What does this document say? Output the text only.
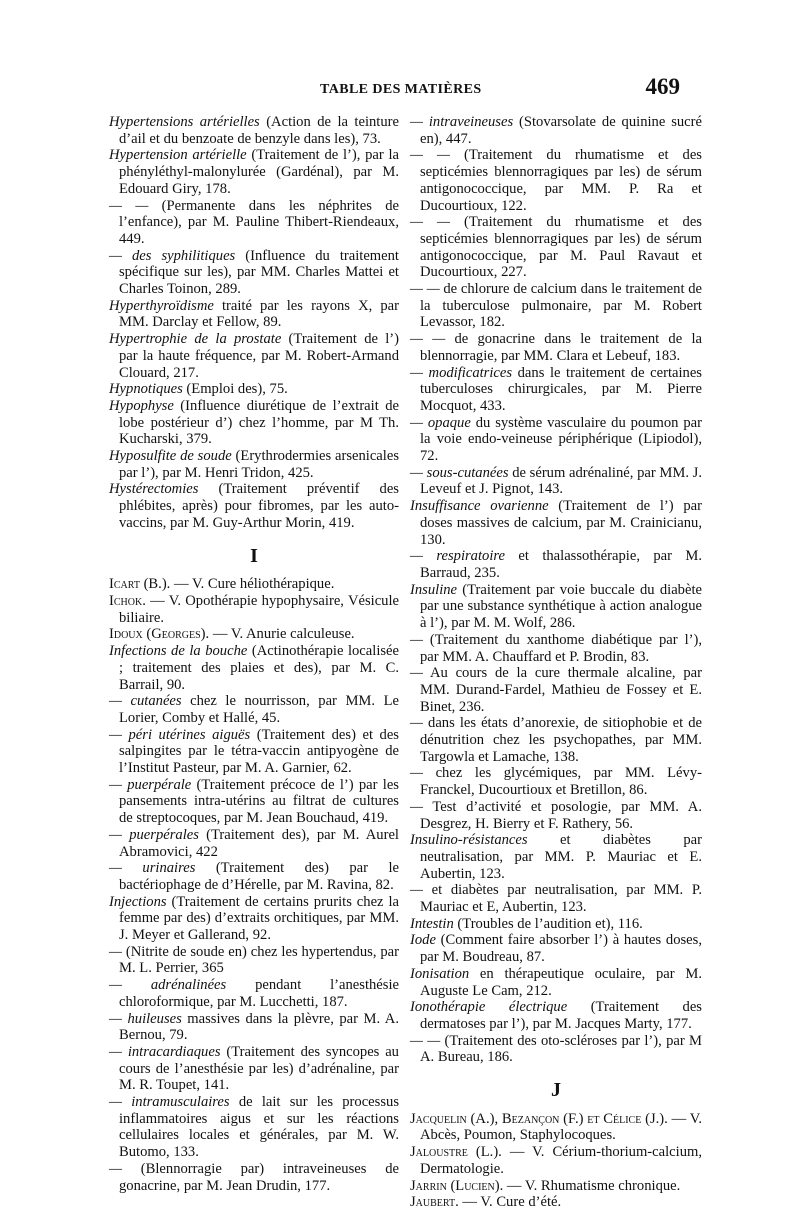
TABLE DES MATIÈRES	469
Hypertensions artérielles (Action de la teinture d’ail et du benzoate de benzyle dans les), 73.
Hypertension artérielle (Traitement de l’), par la phényléthyl-malonylurée (Gardénal), par M. Edouard Giry, 178.
— — (Permanente dans les néphrites de l’enfance), par M. Pauline Thibert-Riendeaux, 449.
— des syphilitiques (Influence du traitement spécifique sur les), par MM. Charles Mattei et Charles Toinon, 289.
Hyperthyroïdisme traité par les rayons X, par MM. Darclay et Fellow, 89.
Hypertrophie de la prostate (Traitement de l’) par la haute fréquence, par M. Robert-Armand Clouard, 217.
Hypnotiques (Emploi des), 75.
Hypophyse (Influence diurétique de l’extrait de lobe postérieur d’) chez l’homme, par M Th. Kucharski, 379.
Hyposulfite de soude (Erythrodermies arsenicales par l’), par M. Henri Tridon, 425.
Hystérectomies (Traitement préventif des phlébites, après) pour fibromes, par les auto-vaccins, par M. Guy-Arthur Morin, 419.
I
Icart (B.). — V. Cure héliothérapique.
Ichok. — V. Opothérapie hypophysaire, Vésicule biliaire.
Idoux (Georges). — V. Anurie calculeuse.
Infections de la bouche (Actinothérapie localisée ; traitement des plaies et des), par M. C. Barrail, 90.
— cutanées chez le nourrisson, par MM. Le Lorier, Comby et Hallé, 45.
— péri utérines aiguës (Traitement des) et des salpingites par le tétra-vaccin antipyogène de l’Institut Pasteur, par M. A. Garnier, 62.
— puerpérale (Traitement précoce de l’) par les pansements intra-utérins au filtrat de cultures de streptocoques, par M. Jean Bouchaud, 419.
— puerpérales (Traitement des), par M. Aurel Abramovici, 422
— urinaires (Traitement des) par le bactériophage de d’Hérelle, par M. Ravina, 82.
Injections (Traitement de certains prurits chez la femme par des) d’extraits orchitiques, par MM. J. Meyer et Gallerand, 92.
— (Nitrite de soude en) chez les hypertendus, par M. L. Perrier, 365
— adrénalinées pendant l’anesthésie chloroformique, par M. Lucchetti, 187.
— huileuses massives dans la plèvre, par M. A. Bernou, 79.
— intracardiaques (Traitement des syncopes au cours de l’anesthésie par les) d’adrénaline, par M. R. Toupet, 141.
— intramusculaires de lait sur les processus inflammatoires aigus et sur les réactions cellulaires locales et générales, par M. W. Butomo, 133.
— (Blennorragie par) intraveineuses de gonacrine, par M. Jean Drudin, 177.
— intraveineuses (Stovarsolate de quinine sucré en), 447.
— — (Traitement du rhumatisme et des septicémies blennorragiques par les) de sérum antigonococcique, par MM. P. Ra et Ducourtioux, 122.
— — (Traitement du rhumatisme et des septicémies blennorragiques par les) de sérum antigonococcique, par M. Paul Ravaut et Ducourtioux, 227.
— — de chlorure de calcium dans le traitement de la tuberculose pulmonaire, par M. Robert Levassor, 182.
— — de gonacrine dans le traitement de la blennorragie, par MM. Clara et Lebeuf, 183.
— modificatrices dans le traitement de certaines tuberculoses chirurgicales, par M. Pierre Mocquot, 433.
— opaque du système vasculaire du poumon par la voie endo-veineuse périphérique (Lipiodol), 72.
— sous-cutanées de sérum adrénaliné, par MM. J. Leveuf et J. Pignot, 143.
Insuffisance ovarienne (Traitement de l’) par doses massives de calcium, par M. Crainicianu, 130.
— respiratoire et thalassothérapie, par M. Barraud, 235.
Insuline (Traitement par voie buccale du diabète par une substance synthétique à action analogue à l’), par M. M. Wolf, 286.
— (Traitement du xanthome diabétique par l’), par MM. A. Chauffard et P. Brodin, 83.
— Au cours de la cure thermale alcaline, par MM. Durand-Fardel, Mathieu de Fossey et E. Binet, 236.
— dans les états d’anorexie, de sitiophobie et de dénutrition chez les psychopathes, par MM. Targowla et Lamache, 138.
— chez les glycémiques, par MM. Lévy-Franckel, Ducourtioux et Bretillon, 86.
— Test d’activité et posologie, par MM. A. Desgrez, H. Bierry et F. Rathery, 56.
Insulino-résistances et diabètes par neutralisation, par MM. P. Mauriac et E. Aubertin, 123.
— et diabètes par neutralisation, par MM. P. Mauriac et E, Aubertin, 123.
Intestin (Troubles de l’audition et), 116.
Iode (Comment faire absorber l’) à hautes doses, par M. Boudreau, 87.
Ionisation en thérapeutique oculaire, par M. Auguste Le Cam, 212.
Ionothérapie électrique (Traitement des dermatoses par l’), par M. Jacques Marty, 177.
— — (Traitement des oto-scléroses par l’), par M A. Bureau, 186.
J
Jacquelin (A.), Bezançon (F.) et Célice (J.). — V. Abcès, Poumon, Staphylocoques.
Jaloustre (L.). — V. Cérium-thorium-calcium, Dermatologie.
Jarrin (Lucien). — V. Rhumatisme chronique.
Jaubert. — V. Cure d’été.
